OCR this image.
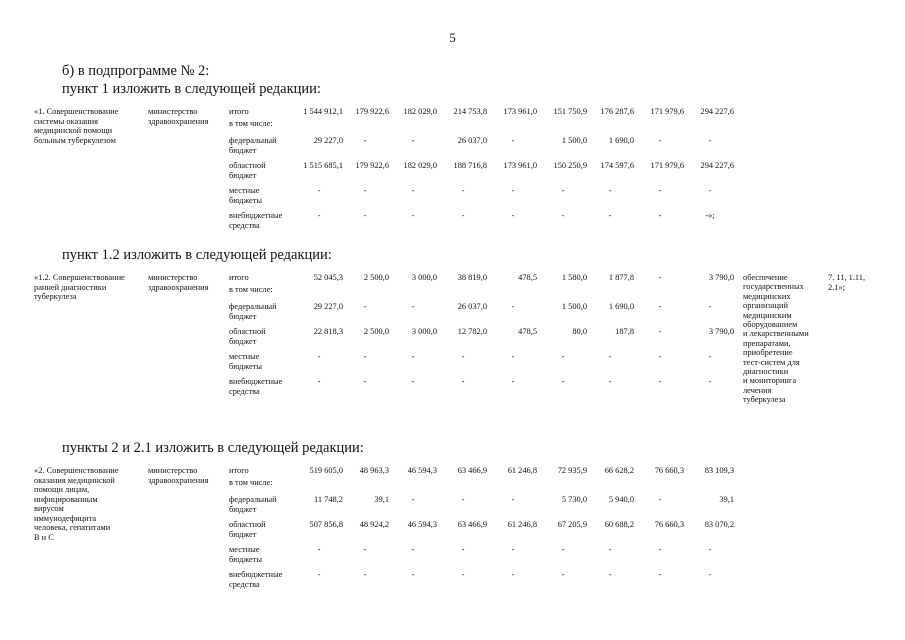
5
б) в подпрограмме № 2:
пункт 1 изложить в следующей редакции:
«1. Совершенствование
системы оказания
медицинской помощи
больным туберкулезом
министерство
здравоохранения
итого	1 544 912,1	179 922,6	182 029,0	214 753,8	173 961,0	151 750,9	176 287,6	171 979,6	294 227,6
в том числе:
федеральный
бюджет
29 227,0	-	-	26 037,0	-	1 500,0	1 690,0	-	-
областной
бюджет
1 515 685,1	179 922,6	182 029,0	188 716,8	173 961,0	150 250,9	174 597,6	171 979,6	294 227,6
местные
бюджеты
-	-	-	-	-	-	-	-	-
внебюджетные
средства
-	-	-	-	-	-	-	-	-»;
пункт 1.2 изложить в следующей редакции:
«1.2. Совершенствование
ранней диагностики
туберкулеза
министерство
здравоохранения
итого	52 045,3	2 500,0	3 000,0	38 819,0	478,5	1 580,0	1 877,8	-	3 790,0
в том числе:
федеральный
бюджет
29 227,0	-	-	26 037,0	-	1 500,0	1 690,0	-	-
областной
бюджет
22 818,3	2 500,0	3 000,0	12 782,0	478,5	80,0	187,8	-	3 790,0
местные
бюджеты
-	-	-	-	-	-	-	-	-
внебюджетные
средства
-	-	-	-	-	-	-	-	-
обеспечение
государственных
медицинских
организаций
медицинским
оборудованием
и лекарственными
препаратами,
приобретение
тест-систем для
диагностики
и мониторинга
лечения
туберкулеза
7. 11, 1.11,
2.1»;
пункты 2 и 2.1 изложить в следующей редакции:
«2. Совершенствование
оказания медицинской
помощи лицам,
инфицированным
вирусом
иммунодефицита
человека, гепатитами
В и С
министерство
здравоохранения
итого	519 605,0	48 963,3	46 594,3	63 466,9	61 246,8	72 935,9	66 628,2	76 660,3	83 109,3
в том числе:
федеральный
бюджет
11 748,2	39,1	-	-	-	5 730,0	5 940,0	-	39,1
областной
бюджет
507 856,8	48 924,2	46 594,3	63 466,9	61 246,8	67 205,9	60 688,2	76 660,3	83 070,2
местные
бюджеты
-	-	-	-	-	-	-	-	-
внебюджетные
средства
-	-	-	-	-	-	-	-	-
